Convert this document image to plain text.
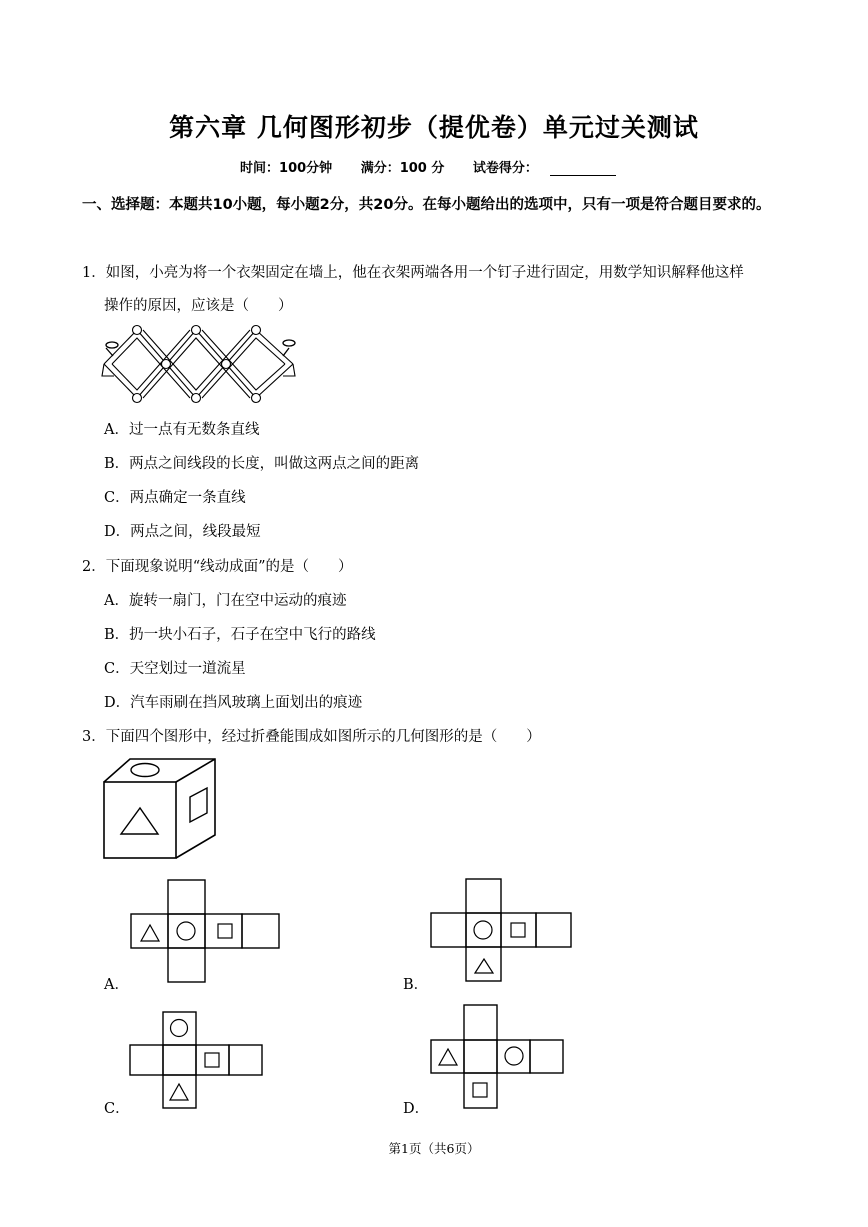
第六章 几何图形初步（提优卷）单元过关测试
时间：100分钟 满分：100 分 试卷得分：
一、选择题：本题共10小题，每小题2分，共20分。在每小题给出的选项中，只有一项是符合题目要求的。
1．如图，小亮为将一个衣架固定在墙上，他在衣架两端各用一个钉子进行固定，用数学知识解释他这样
操作的原因，应该是（　　）
A．过一点有无数条直线
B．两点之间线段的长度，叫做这两点之间的距离
C．两点确定一条直线
D．两点之间，线段最短
2．下面现象说明“线动成面”的是（　　）
A．旋转一扇门，门在空中运动的痕迹
B．扔一块小石子，石子在空中飞行的路线
C．天空划过一道流星
D．汽车雨刷在挡风玻璃上面划出的痕迹
3．下面四个图形中，经过折叠能围成如图所示的几何图形的是（　　）
A．	B．
C．	D．
第1页（共6页）
